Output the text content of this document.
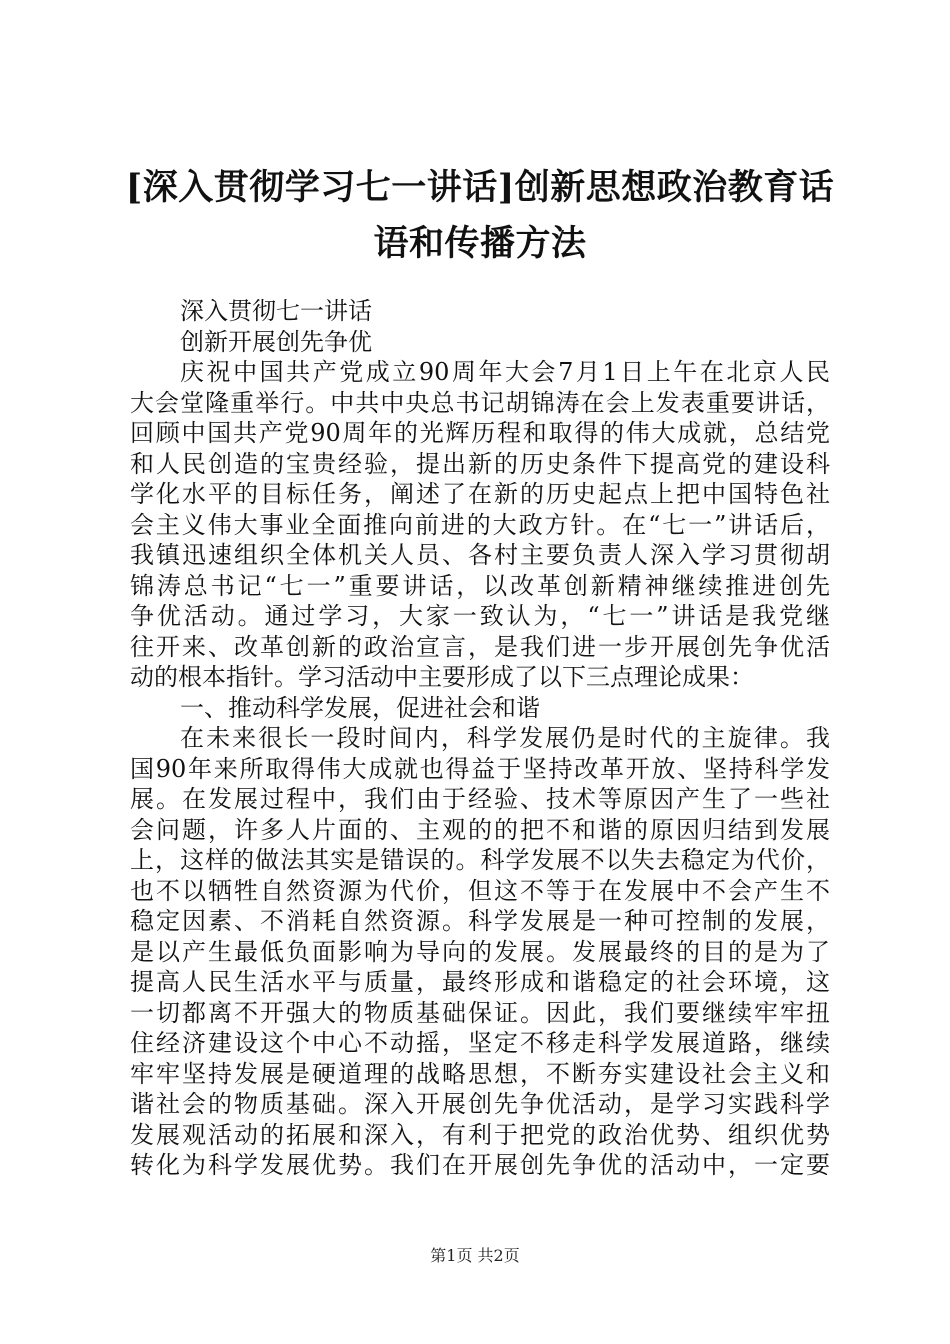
[深入贯彻学习七一讲话]创新思想政治教育话
语和传播方法
深入贯彻七一讲话
创新开展创先争优
庆祝中国共产党成立90周年大会7月1日上午在北京人民
大会堂隆重举行。中共中央总书记胡锦涛在会上发表重要讲话，
回顾中国共产党90周年的光辉历程和取得的伟大成就，总结党
和人民创造的宝贵经验，提出新的历史条件下提高党的建设科
学化水平的目标任务，阐述了在新的历史起点上把中国特色社
会主义伟大事业全面推向前进的大政方针。在“七一”讲话后，
我镇迅速组织全体机关人员、各村主要负责人深入学习贯彻胡
锦涛总书记“七一”重要讲话，以改革创新精神继续推进创先
争优活动。通过学习，大家一致认为，“七一”讲话是我党继
往开来、改革创新的政治宣言，是我们进一步开展创先争优活
动的根本指针。学习活动中主要形成了以下三点理论成果：
一、推动科学发展，促进社会和谐
在未来很长一段时间内，科学发展仍是时代的主旋律。我
国90年来所取得伟大成就也得益于坚持改革开放、坚持科学发
展。在发展过程中，我们由于经验、技术等原因产生了一些社
会问题，许多人片面的、主观的的把不和谐的原因归结到发展
上，这样的做法其实是错误的。科学发展不以失去稳定为代价，
也不以牺牲自然资源为代价，但这不等于在发展中不会产生不
稳定因素、不消耗自然资源。科学发展是一种可控制的发展，
是以产生最低负面影响为导向的发展。发展最终的目的是为了
提高人民生活水平与质量，最终形成和谐稳定的社会环境，这
一切都离不开强大的物质基础保证。因此，我们要继续牢牢扭
住经济建设这个中心不动摇，坚定不移走科学发展道路，继续
牢牢坚持发展是硬道理的战略思想，不断夯实建设社会主义和
谐社会的物质基础。深入开展创先争优活动，是学习实践科学
发展观活动的拓展和深入，有利于把党的政治优势、组织优势
转化为科学发展优势。我们在开展创先争优的活动中，一定要
第1页 共2页
